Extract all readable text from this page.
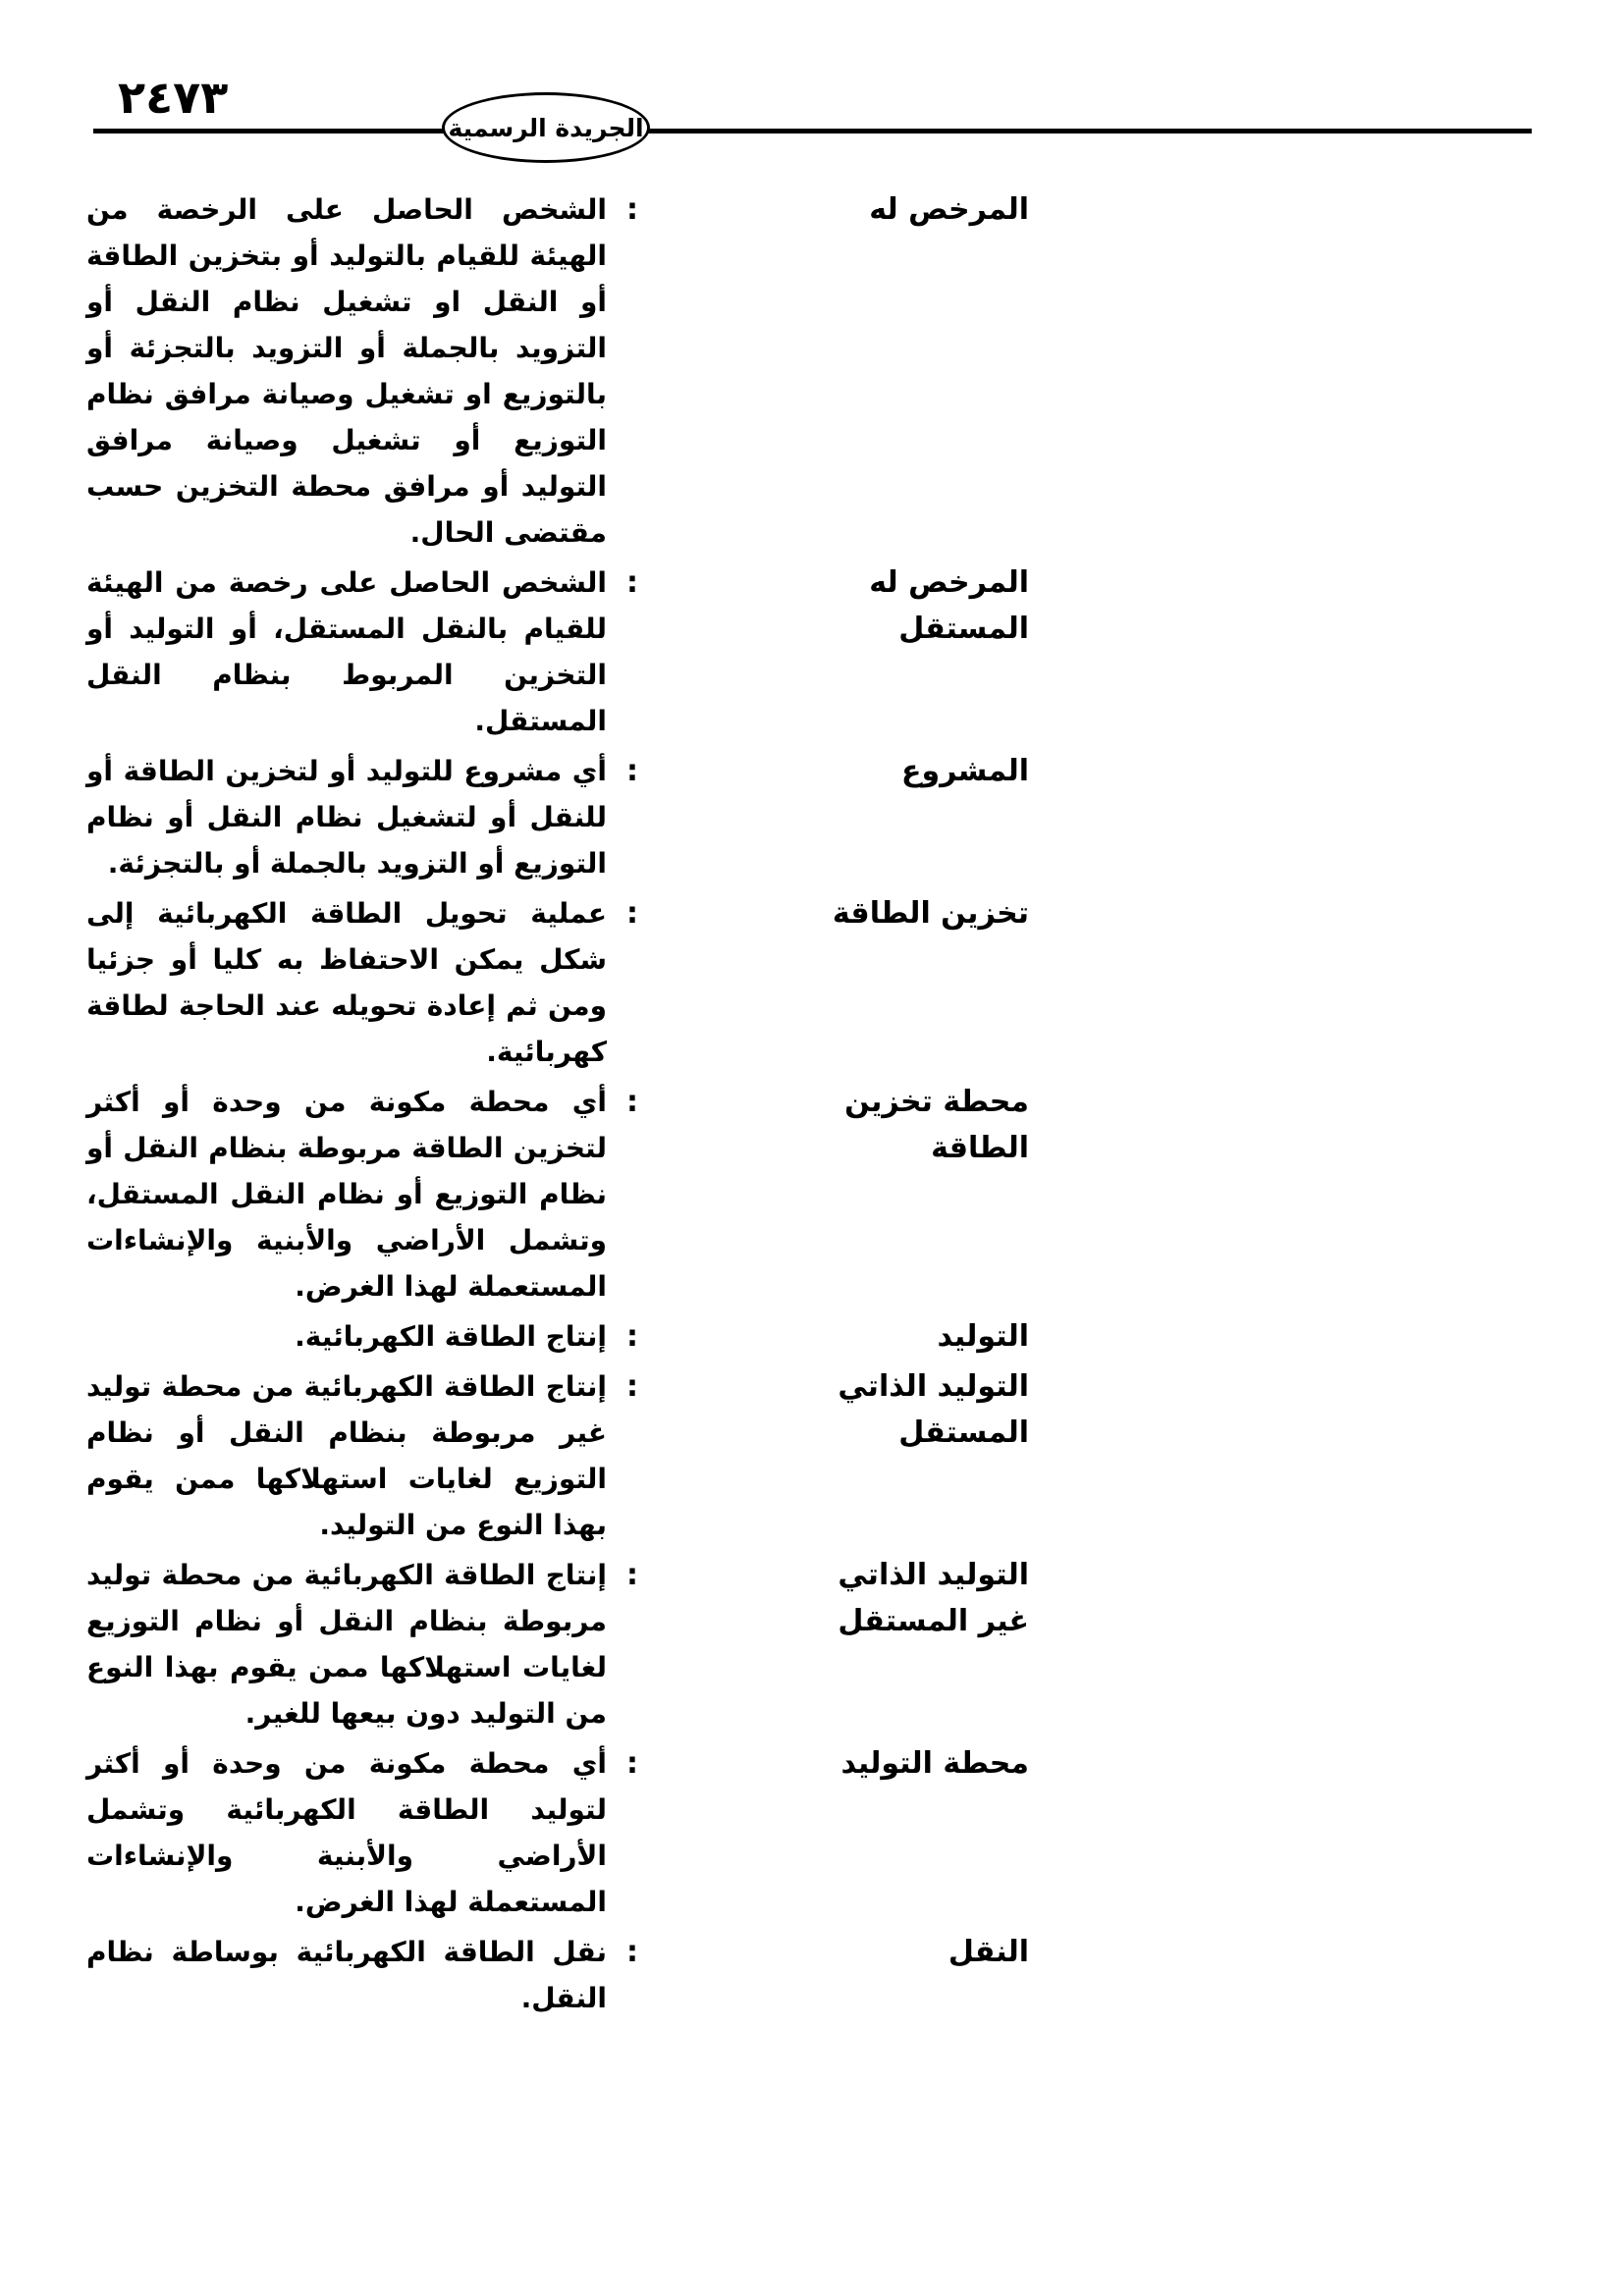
٢٤٧٣
الجريدة الرسمية
المرخص له
:
الشخص الحاصل على الرخصة من الهيئة للقيام بالتوليد أو بتخزين الطاقة أو النقل او تشغيل نظام النقل أو التزويد بالجملة أو التزويد بالتجزئة أو بالتوزيع او تشغيل وصيانة مرافق نظام التوزيع أو تشغيل وصيانة مرافق التوليد أو مرافق محطة التخزين حسب مقتضى الحال.
المرخص له المستقل
:
الشخص الحاصل على رخصة من الهيئة للقيام بالنقل المستقل، أو التوليد أو التخزين المربوط بنظام النقل المستقل.
المشروع
:
أي مشروع للتوليد أو لتخزين الطاقة أو للنقل أو لتشغيل نظام النقل أو نظام التوزيع أو التزويد بالجملة أو بالتجزئة.
تخزين الطاقة
:
عملية تحويل الطاقة الكهربائية إلى شكل يمكن الاحتفاظ به كليا أو جزئيا ومن ثم إعادة تحويله عند الحاجة لطاقة كهربائية.
محطة تخزين الطاقة
:
أي محطة مكونة من وحدة أو أكثر لتخزين الطاقة مربوطة بنظام النقل أو نظام التوزيع أو نظام النقل المستقل، وتشمل الأراضي والأبنية والإنشاءات المستعملة لهذا الغرض.
التوليد
:
إنتاج الطاقة الكهربائية.
التوليد الذاتي المستقل
:
إنتاج الطاقة الكهربائية من محطة توليد غير مربوطة بنظام النقل أو نظام التوزيع لغايات استهلاكها ممن يقوم بهذا النوع من التوليد.
التوليد الذاتي غير المستقل
:
إنتاج الطاقة الكهربائية من محطة توليد مربوطة بنظام النقل أو نظام التوزيع لغايات استهلاكها ممن يقوم بهذا النوع من التوليد دون بيعها للغير.
محطة التوليد
:
أي محطة مكونة من وحدة أو أكثر لتوليد الطاقة الكهربائية وتشمل الأراضي والأبنية والإنشاءات المستعملة لهذا الغرض.
النقل
:
نقل الطاقة الكهربائية بوساطة نظام النقل.
